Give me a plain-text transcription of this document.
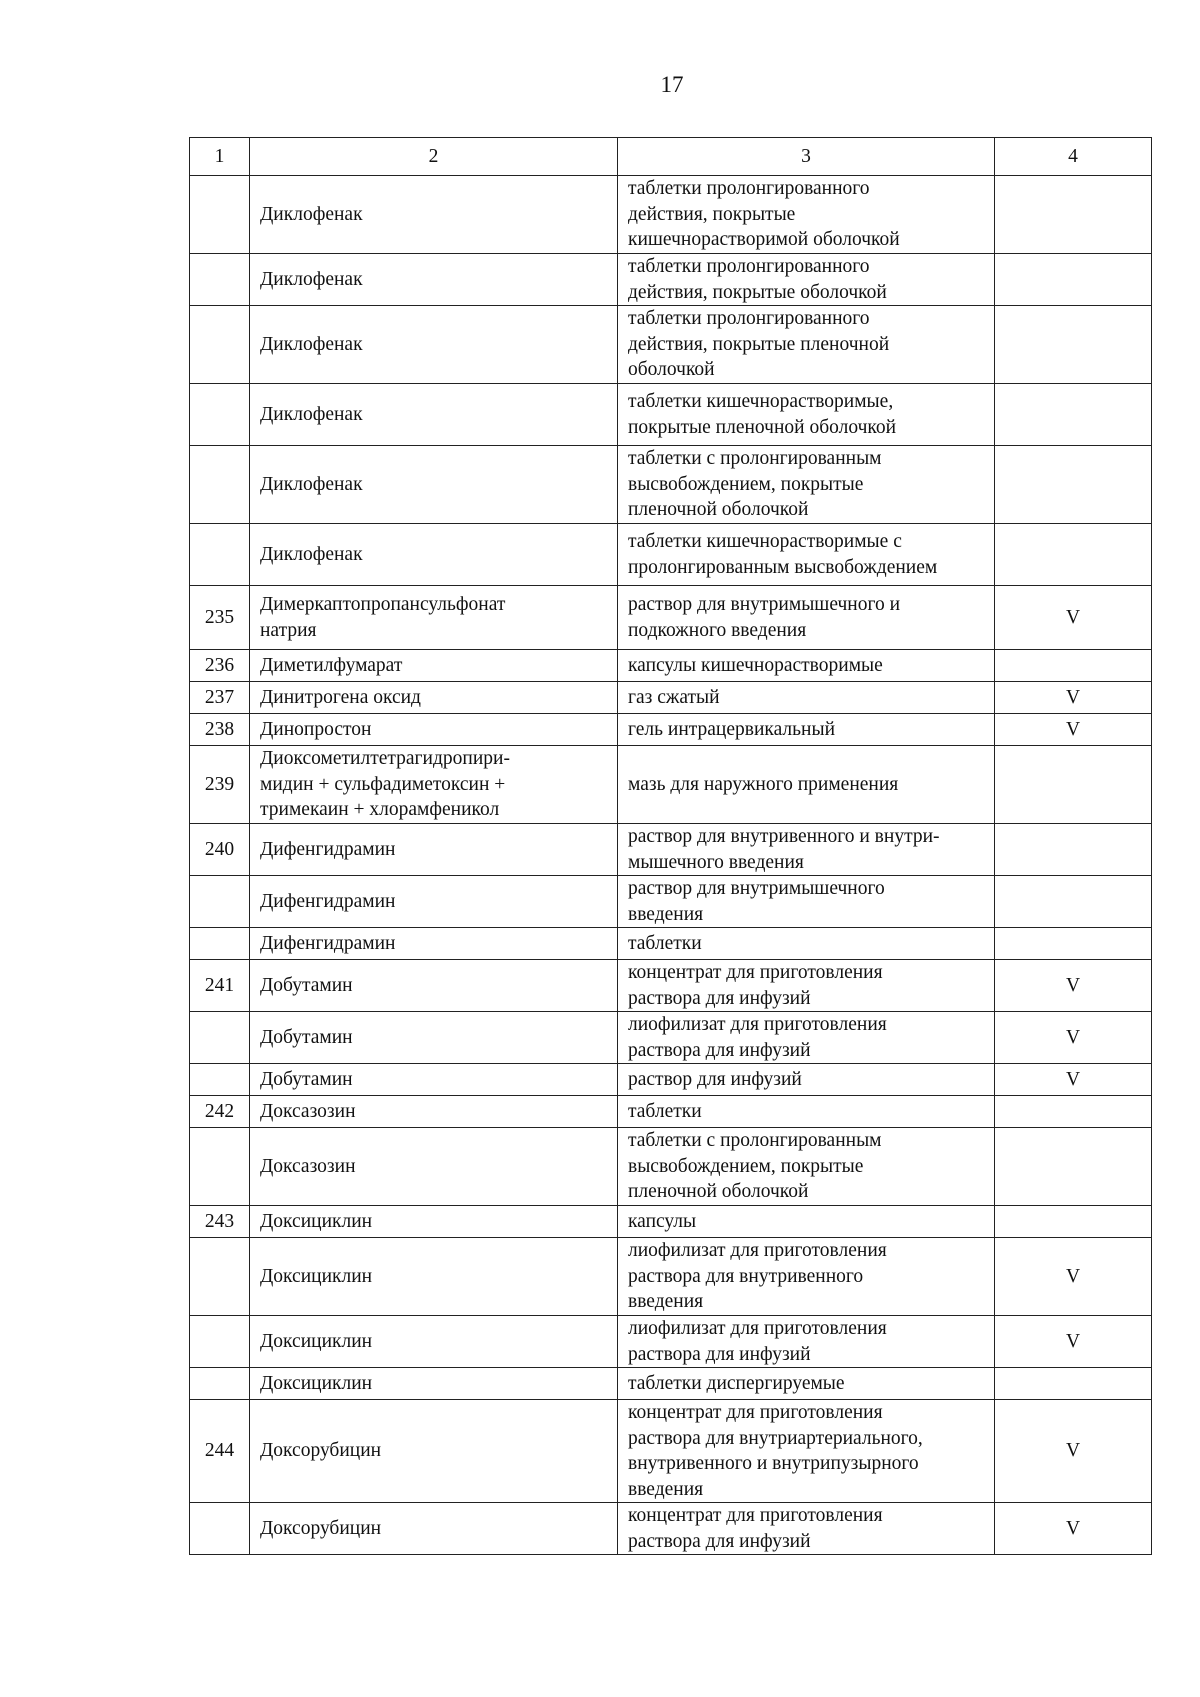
17
1	2	3	4
	Диклофенак	таблетки пролонгированного
действия, покрытые
кишечнорастворимой оболочкой	
	Диклофенак	таблетки пролонгированного
действия, покрытые оболочкой	
	Диклофенак	таблетки пролонгированного
действия, покрытые пленочной
оболочкой	
	Диклофенак	таблетки кишечнорастворимые,
покрытые пленочной оболочкой	
	Диклофенак	таблетки с пролонгированным
высвобождением, покрытые
пленочной оболочкой	
	Диклофенак	таблетки кишечнорастворимые с
пролонгированным высвобождением	
235	Димеркаптопропансульфонат
натрия	раствор для внутримышечного и
подкожного введения	V
236	Диметилфумарат	капсулы кишечнорастворимые	
237	Динитрогена оксид	газ сжатый	V
238	Динопростон	гель интрацервикальный	V
239	Диоксометилтетрагидропири-
мидин + сульфадиметоксин +
тримекаин + хлорамфеникол	мазь для наружного применения	
240	Дифенгидрамин	раствор для внутривенного и внутри-
мышечного введения	
	Дифенгидрамин	раствор для внутримышечного
введения	
	Дифенгидрамин	таблетки	
241	Добутамин	концентрат для приготовления
раствора для инфузий	V
	Добутамин	лиофилизат для приготовления
раствора для инфузий	V
	Добутамин	раствор для инфузий	V
242	Доксазозин	таблетки	
	Доксазозин	таблетки с пролонгированным
высвобождением, покрытые
пленочной оболочкой	
243	Доксициклин	капсулы	
	Доксициклин	лиофилизат для приготовления
раствора для внутривенного
введения	V
	Доксициклин	лиофилизат для приготовления
раствора для инфузий	V
	Доксициклин	таблетки диспергируемые	
244	Доксорубицин	концентрат для приготовления
раствора для внутриартериального,
внутривенного и внутрипузырного
введения	V
	Доксорубицин	концентрат для приготовления
раствора для инфузий	V
